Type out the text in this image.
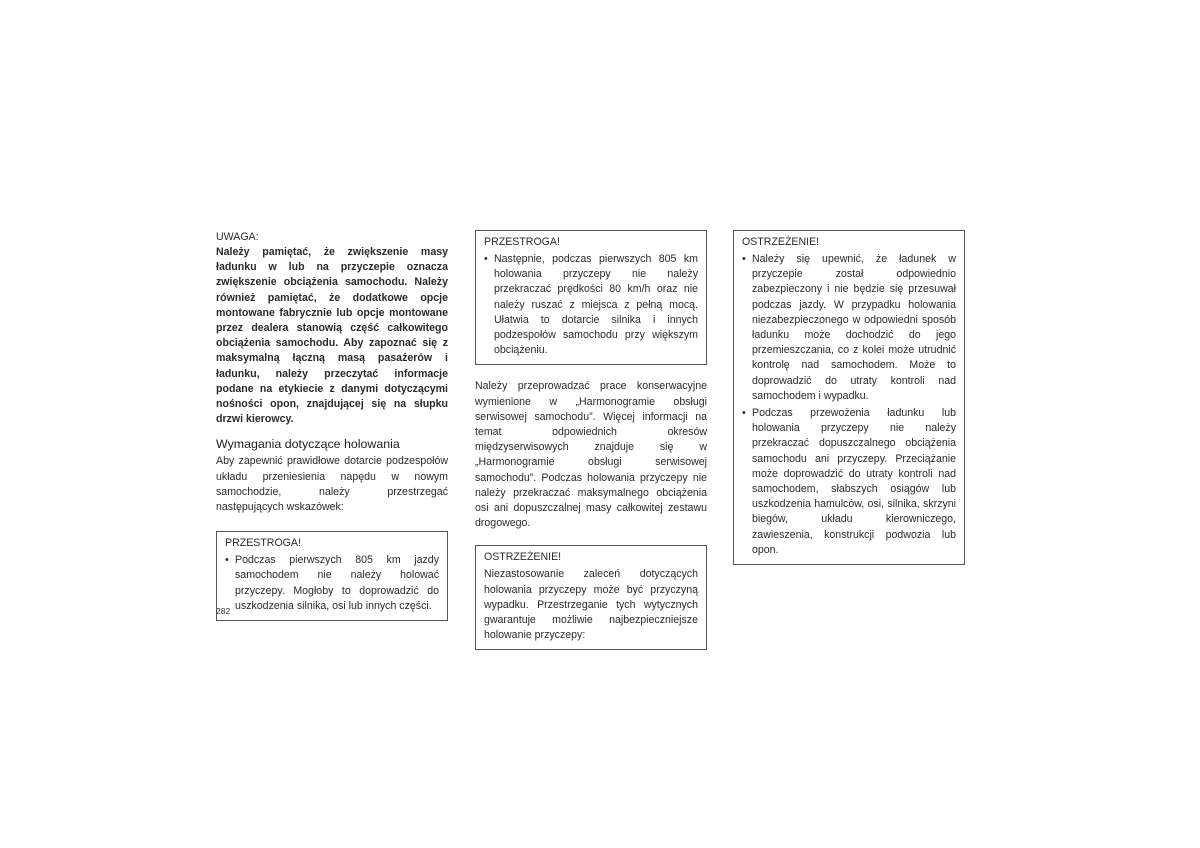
UWAGA:

Należy pamiętać, że zwiększenie masy ładunku w lub na przyczepie oznacza zwiększenie obciążenia samochodu. Należy również pamiętać, że dodatkowe opcje montowane fabrycznie lub opcje montowane przez dealera stanowią część całkowitego obciążenia samochodu. Aby zapoznać się z maksymalną łączną masą pasażerów i ładunku, należy przeczytać informacje podane na etykiecie z danymi dotyczącymi nośności opon, znajdującej się na słupku drzwi kierowcy.

Wymagania dotyczące holowania

Aby zapewnić prawidłowe dotarcie podzespołów układu przeniesienia napędu w nowym samochodzie, należy przestrzegać następujących wskazówek:

PRZESTROGA!
• Podczas pierwszych 805 km jazdy samochodem nie należy holować przyczepy. Mogłoby to doprowadzić do uszkodzenia silnika, osi lub innych części.
PRZESTROGA!
• Następnie, podczas pierwszych 805 km holowania przyczepy nie należy przekraczać prędkości 80 km/h oraz nie należy ruszać z miejsca z pełną mocą. Ułatwia to dotarcie silnika i innych podzespołów samochodu przy większym obciążeniu.

Należy przeprowadzać prace konserwacyjne wymienione w „Harmonogramie obsługi serwisowej samochodu”. Więcej informacji na temat odpowiednich okresów międzyserwisowych znajduje się w „Harmonogramie obsługi serwisowej samochodu”. Podczas holowania przyczepy nie należy przekraczać maksymalnego obciążenia osi ani dopuszczalnej masy całkowitej zestawu drogowego.

OSTRZEŻENIE!

Niezastosowanie zaleceń dotyczących holowania przyczepy może być przyczyną wypadku. Przestrzeganie tych wytycznych gwarantuje możliwie najbezpieczniejsze holowanie przyczepy:

OSTRZEŻENIE!
• Należy się upewnić, że ładunek w przyczepie został odpowiednio zabezpieczony i nie będzie się przesuwał podczas jazdy. W przypadku holowania niezabezpieczonego w odpowiedni sposób ładunku może dochodzić do jego przemieszczania, co z kolei może utrudnić kontrolę nad samochodem. Może to doprowadzić do utraty kontroli nad samochodem i wypadku.
• Podczas przewożenia ładunku lub holowania przyczepy nie należy przekraczać dopuszczalnego obciążenia samochodu ani przyczepy. Przeciążanie może doprowadzić do utraty kontroli nad samochodem, słabszych osiągów lub uszkodzenia hamulców, osi, silnika, skrzyni biegów, układu kierowniczego, zawieszenia, konstrukcji podwozia lub opon.
282
